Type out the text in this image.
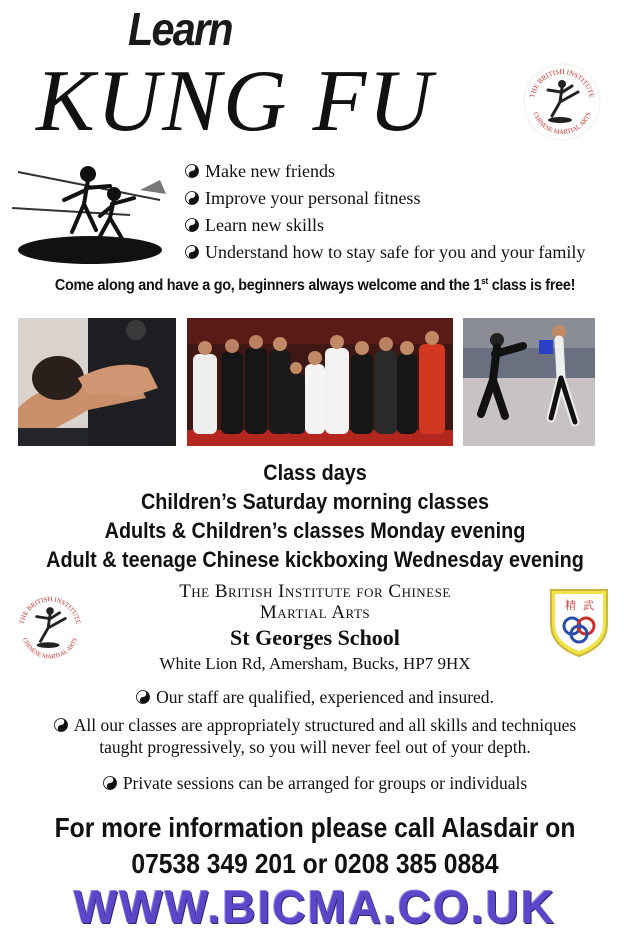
Learn
KUNG FU	THE BRITISH INSTITUTE
CHINESE MARTIAL ARTS
Make new friends
Improve your personal fitness
Learn new skills
Understand how to stay safe for you and your family
Come along and have a go, beginners always welcome and the 1st class is free!
Class days
Children’s Saturday morning classes
Adults & Children’s classes Monday evening
Adult & teenage Chinese kickboxing Wednesday evening
THE BRITISH INSTITUTE
CHINESE MARTIAL ARTS
The British Institute for Chinese
Martial Arts
St Georges School
White Lion Rd, Amersham, Bucks, HP7 9HX
精 武
Our staff are qualified, experienced and insured.
All our classes are appropriately structured and all skills and techniques
taught progressively, so you will never feel out of your depth.
Private sessions can be arranged for groups or individuals
For more information please call Alasdair on
07538 349 201 or 0208 385 0884
WWW.BICMA.CO.UK
